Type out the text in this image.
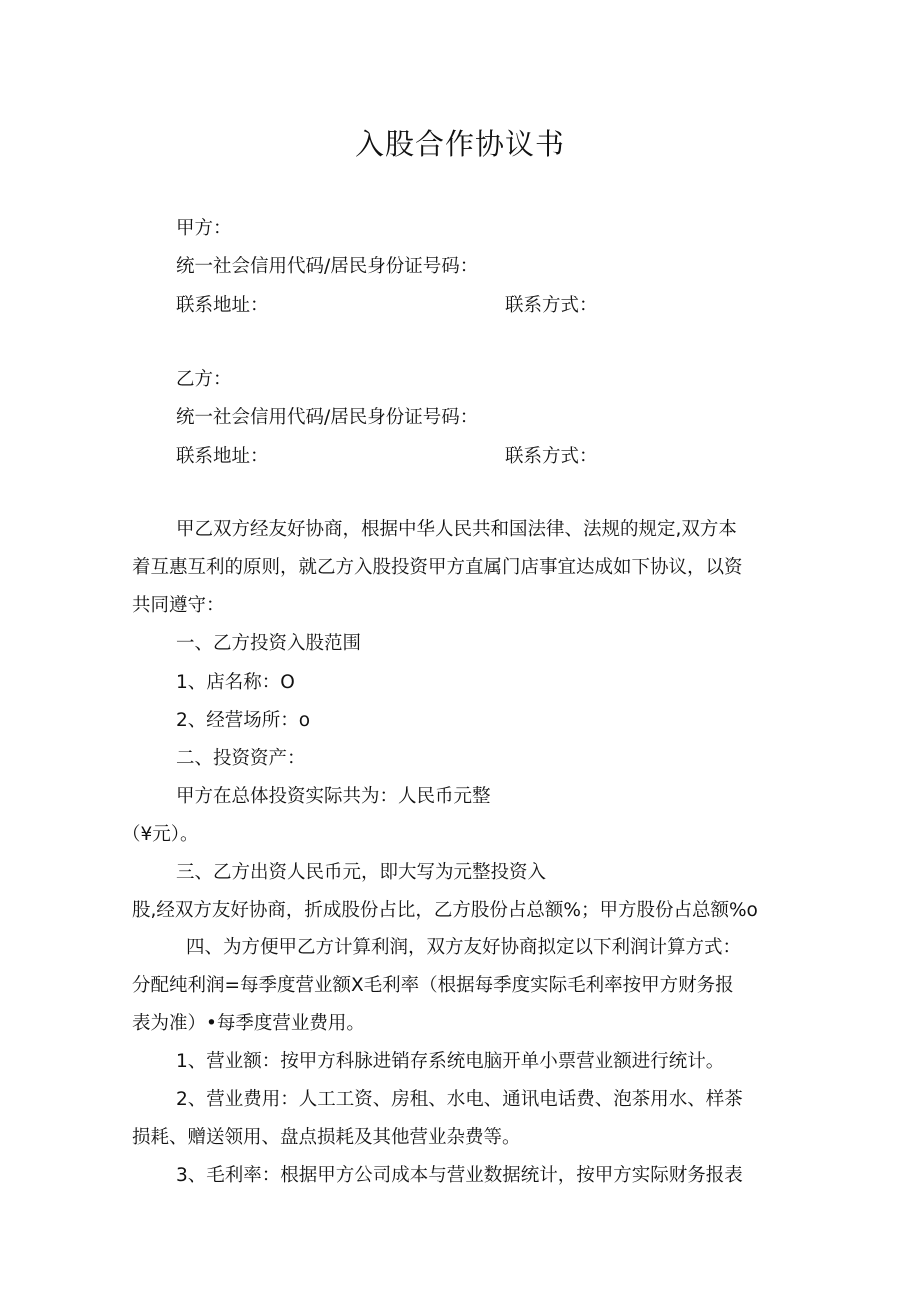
入股合作协议书
甲方：
统一社会信用代码/居民身份证号码：
联系地址：	联系方式：
乙方：
统一社会信用代码/居民身份证号码：
联系地址：	联系方式：
甲乙双方经友好协商，根据中华人民共和国法律、法规的规定,双方本
着互惠互利的原则，就乙方入股投资甲方直属门店事宜达成如下协议，以资
共同遵守：
一、乙方投资入股范围
1、店名称：O
2、经营场所：o
二、投资资产：
甲方在总体投资实际共为：人民币元整
（¥元）。
三、乙方出资人民币元，即大写为元整投资入
股,经双方友好协商，折成股份占比，乙方股份占总额%；甲方股份占总额%o
四、为方便甲乙方计算利润，双方友好协商拟定以下利润计算方式：
分配纯利润=每季度营业额X毛利率（根据每季度实际毛利率按甲方财务报
表为准）•每季度营业费用。
1、营业额：按甲方科脉进销存系统电脑开单小票营业额进行统计。
2、营业费用：人工工资、房租、水电、通讯电话费、泡茶用水、样茶
损耗、赠送领用、盘点损耗及其他营业杂费等。
3、毛利率：根据甲方公司成本与营业数据统计，按甲方实际财务报表
